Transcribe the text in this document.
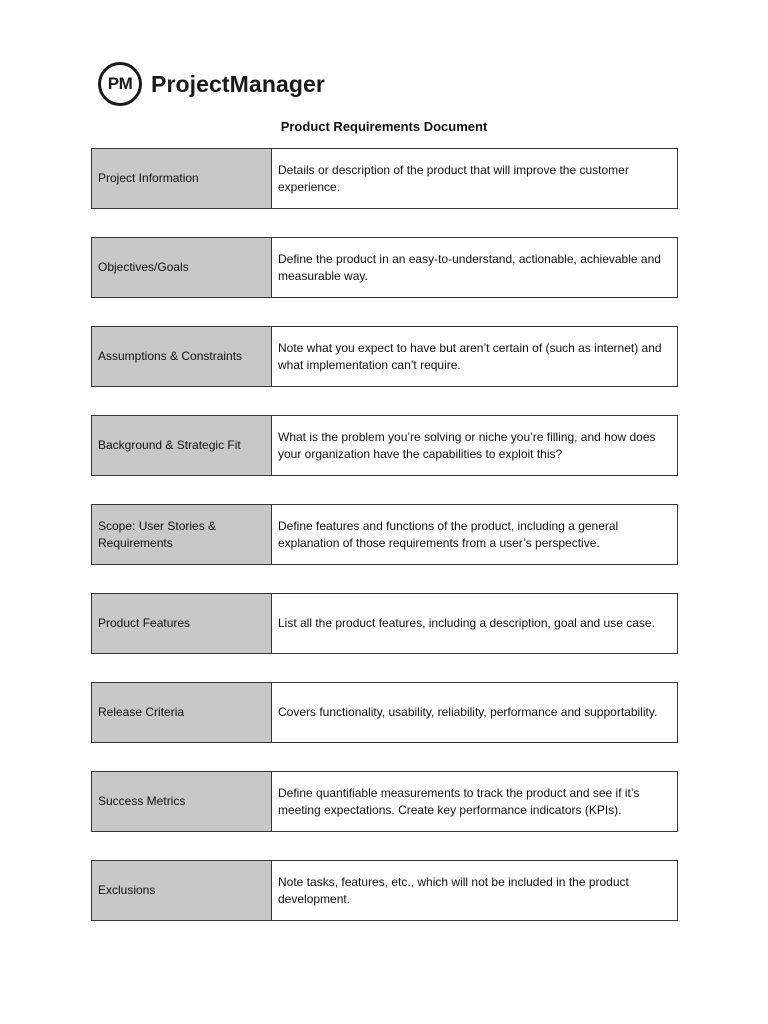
PM ProjectManager
Product Requirements Document
Project Information
Details or description of the product that will improve the customer experience.
Objectives/Goals
Define the product in an easy-to-understand, actionable, achievable and measurable way.
Assumptions & Constraints
Note what you expect to have but aren’t certain of (such as internet) and what implementation can’t require.
Background & Strategic Fit
What is the problem you’re solving or niche you’re filling, and how does your organization have the capabilities to exploit this?
Scope: User Stories & Requirements
Define features and functions of the product, including a general explanation of those requirements from a user’s perspective.
Product Features	List all the product features, including a description, goal and use case.
Release Criteria	Covers functionality, usability, reliability, performance and supportability.
Success Metrics
Define quantifiable measurements to track the product and see if it’s meeting expectations. Create key performance indicators (KPIs).
Exclusions
Note tasks, features, etc., which will not be included in the product development.
